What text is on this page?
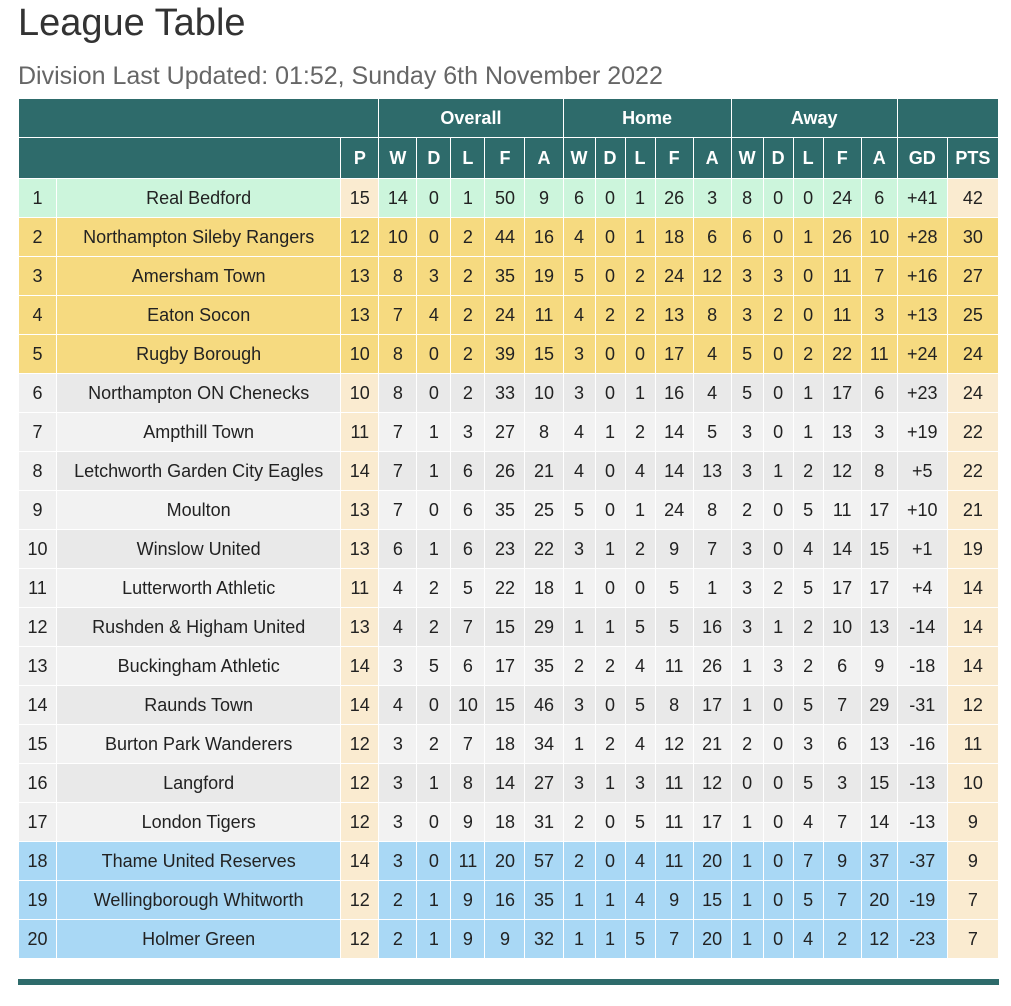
League Table
Division Last Updated: 01:52, Sunday 6th November 2022
			Overall					Home					Away						
		P	W	D	L	F	A	W	D	L	F	A	W	D	L	F	A	GD	PTS
1	Real Bedford	15	14	0	1	50	9	6	0	1	26	3	8	0	0	24	6	+41	42
2	Northampton Sileby Rangers	12	10	0	2	44	16	4	0	1	18	6	6	0	1	26	10	+28	30
3	Amersham Town	13	8	3	2	35	19	5	0	2	24	12	3	3	0	11	7	+16	27
4	Eaton Socon	13	7	4	2	24	11	4	2	2	13	8	3	2	0	11	3	+13	25
5	Rugby Borough	10	8	0	2	39	15	3	0	0	17	4	5	0	2	22	11	+24	24
6	Northampton ON Chenecks	10	8	0	2	33	10	3	0	1	16	4	5	0	1	17	6	+23	24
7	Ampthill Town	11	7	1	3	27	8	4	1	2	14	5	3	0	1	13	3	+19	22
8	Letchworth Garden City Eagles	14	7	1	6	26	21	4	0	4	14	13	3	1	2	12	8	+5	22
9	Moulton	13	7	0	6	35	25	5	0	1	24	8	2	0	5	11	17	+10	21
10	Winslow United	13	6	1	6	23	22	3	1	2	9	7	3	0	4	14	15	+1	19
11	Lutterworth Athletic	11	4	2	5	22	18	1	0	0	5	1	3	2	5	17	17	+4	14
12	Rushden & Higham United	13	4	2	7	15	29	1	1	5	5	16	3	1	2	10	13	-14	14
13	Buckingham Athletic	14	3	5	6	17	35	2	2	4	11	26	1	3	2	6	9	-18	14
14	Raunds Town	14	4	0	10	15	46	3	0	5	8	17	1	0	5	7	29	-31	12
15	Burton Park Wanderers	12	3	2	7	18	34	1	2	4	12	21	2	0	3	6	13	-16	11
16	Langford	12	3	1	8	14	27	3	1	3	11	12	0	0	5	3	15	-13	10
17	London Tigers	12	3	0	9	18	31	2	0	5	11	17	1	0	4	7	14	-13	9
18	Thame United Reserves	14	3	0	11	20	57	2	0	4	11	20	1	0	7	9	37	-37	9
19	Wellingborough Whitworth	12	2	1	9	16	35	1	1	4	9	15	1	0	5	7	20	-19	7
20	Holmer Green	12	2	1	9	9	32	1	1	5	7	20	1	0	4	2	12	-23	7
